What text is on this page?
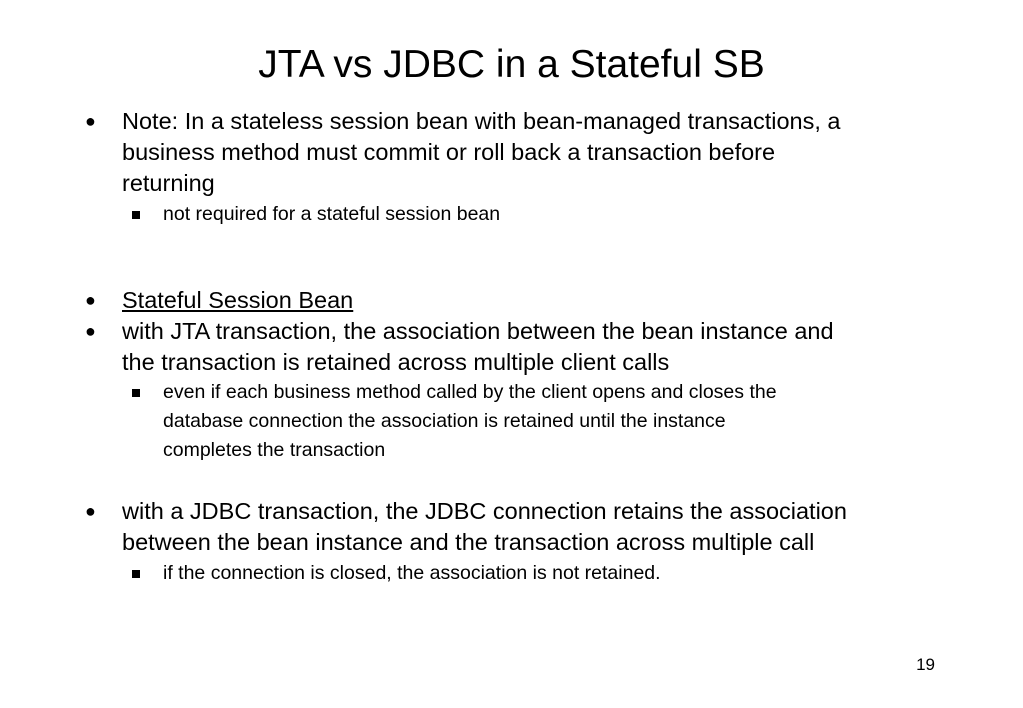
JTA vs JDBC in a Stateful SB
●	Note: In a stateless session bean with bean-managed transactions, a
business method must commit or roll back a transaction before
returning
not required for a stateful session bean
●	Stateful Session Bean
●	with JTA transaction, the association between the bean instance and
the transaction is retained across multiple client calls
even if each business method called by the client opens and closes the
database connection the association is retained until the instance
completes the transaction
●	with a JDBC transaction, the JDBC connection retains the association
between the bean instance and the transaction across multiple call
if the connection is closed, the association is not retained.
19
